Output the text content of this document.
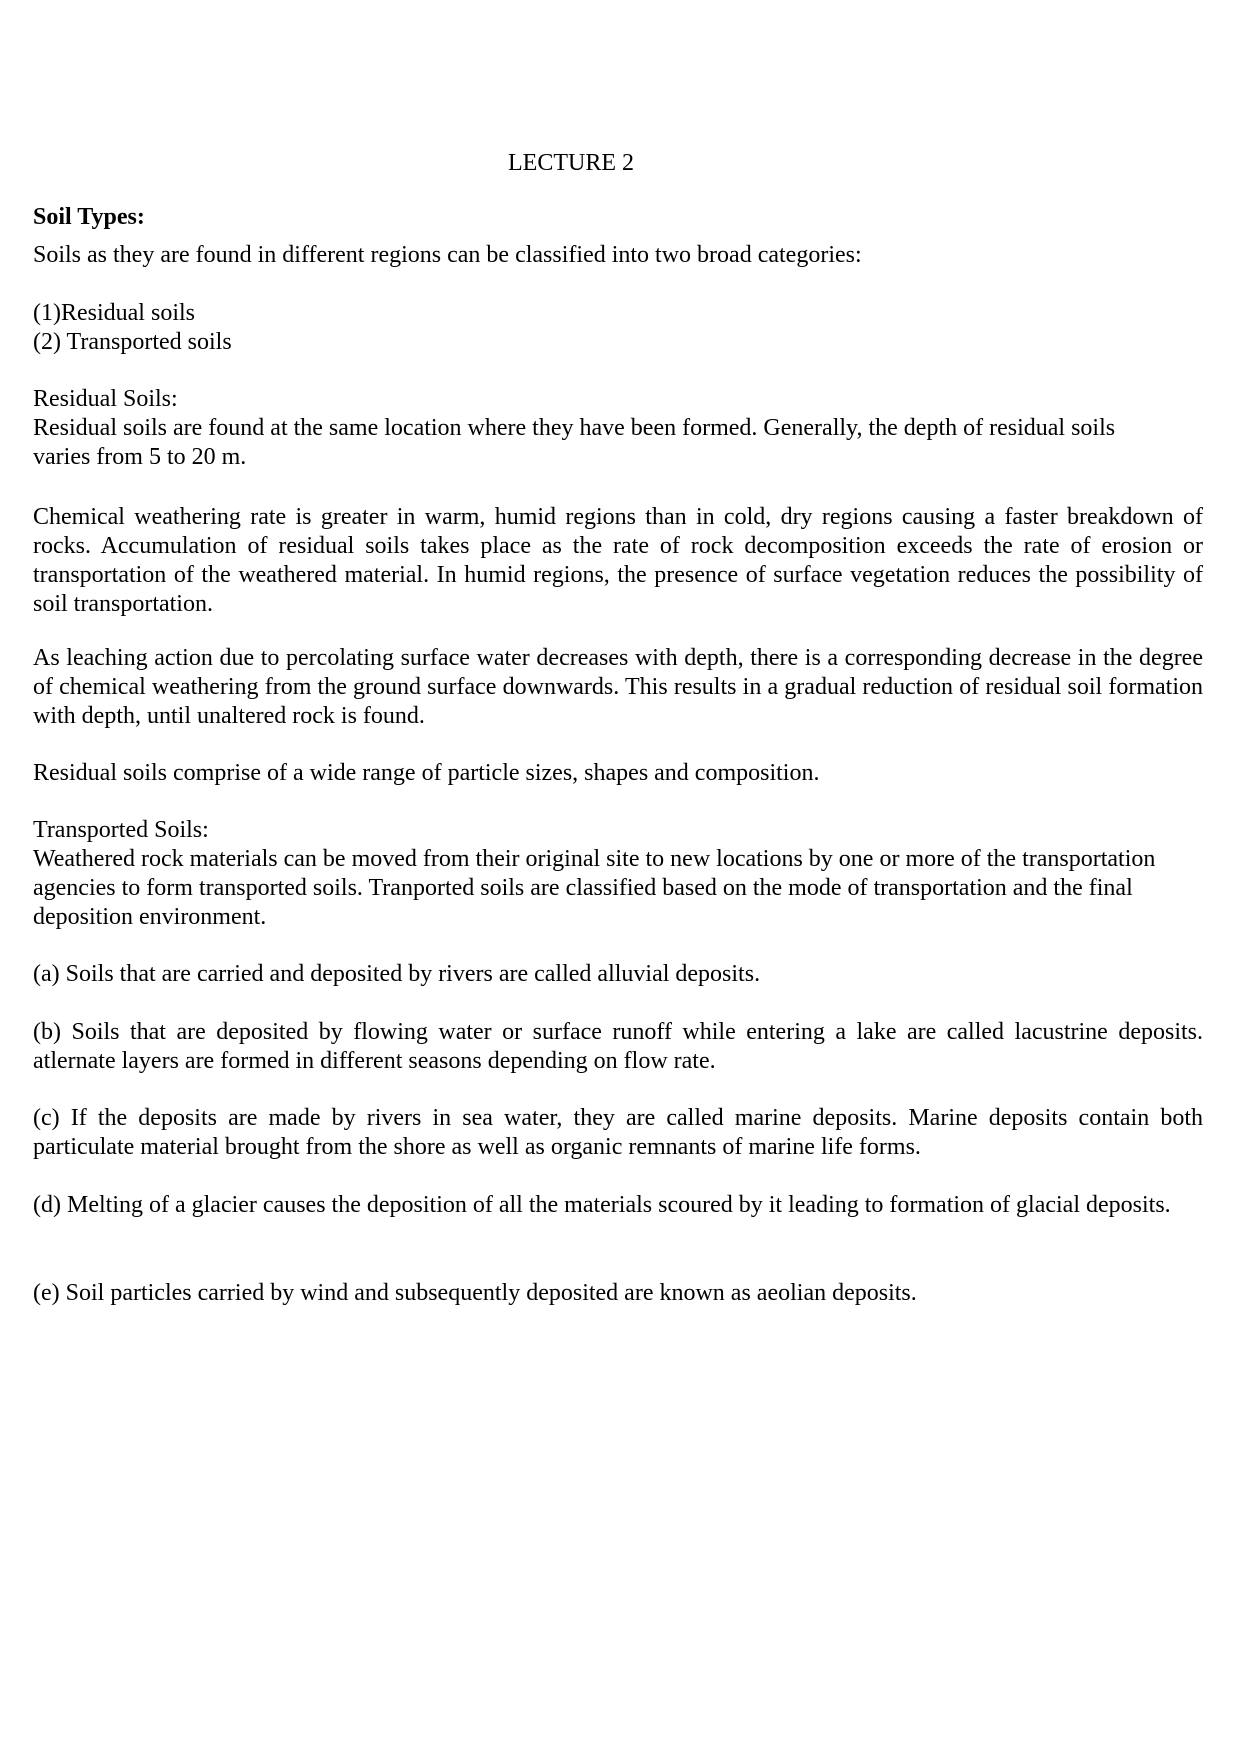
LECTURE 2
Soil Types:

Soils as they are found in different regions can be classified into two broad categories:

(1)Residual soils
(2) Transported soils
Residual Soils:
Residual soils are found at the same location where they have been formed. Generally, the depth of residual soils
varies from 5 to 20 m.

Chemical weathering rate is greater in warm, humid regions than in cold, dry regions causing a faster breakdown of rocks. Accumulation of residual soils takes place as the rate of rock decomposition exceeds the rate of erosion or transportation of the weathered material. In humid regions, the presence of surface vegetation reduces the possibility of soil transportation.

As leaching action due to percolating surface water decreases with depth, there is a corresponding decrease in the degree of chemical weathering from the ground surface downwards. This results in a gradual reduction of residual soil formation with depth, until unaltered rock is found.

Residual soils comprise of a wide range of particle sizes, shapes and composition.

Transported Soils:
Weathered rock materials can be moved from their original site to new locations by one or more of the transportation
agencies to form transported soils. Tranported soils are classified based on the mode of transportation and the final
deposition environment.

(a) Soils that are carried and deposited by rivers are called alluvial deposits.

(b) Soils that are deposited by flowing water or surface runoff while entering a lake are called lacustrine deposits. atlernate layers are formed in different seasons depending on flow rate.

(c) If the deposits are made by rivers in sea water, they are called marine deposits. Marine deposits contain both particulate material brought from the shore as well as organic remnants of marine life forms.

(d) Melting of a glacier causes the deposition of all the materials scoured by it leading to formation of glacial deposits.

(e) Soil particles carried by wind and subsequently deposited are known as aeolian deposits.
